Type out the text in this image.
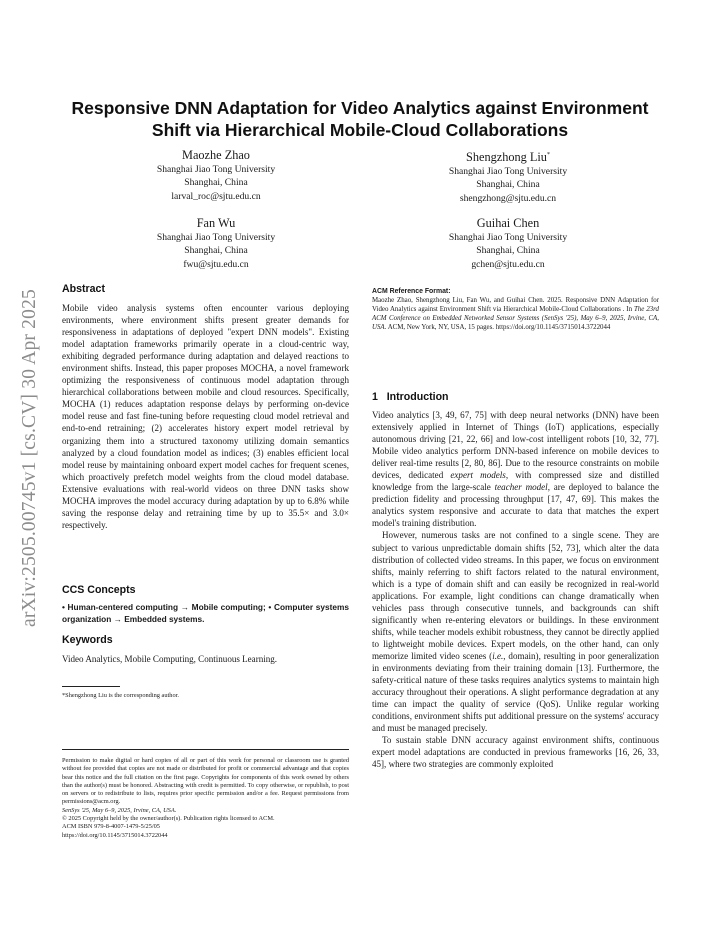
arXiv:2505.00745v1 [cs.CV] 30 Apr 2025
Responsive DNN Adaptation for Video Analytics against Environment Shift via Hierarchical Mobile-Cloud Collaborations
Maozhe Zhao
Shanghai Jiao Tong University
Shanghai, China
larval_roc@sjtu.edu.cn
Shengzhong Liu*
Shanghai Jiao Tong University
Shanghai, China
shengzhong@sjtu.edu.cn
Fan Wu
Shanghai Jiao Tong University
Shanghai, China
fwu@sjtu.edu.cn
Guihai Chen
Shanghai Jiao Tong University
Shanghai, China
gchen@sjtu.edu.cn
Abstract
Mobile video analysis systems often encounter various deploying environments, where environment shifts present greater demands for responsiveness in adaptations of deployed "expert DNN models". Existing model adaptation frameworks primarily operate in a cloud-centric way, exhibiting degraded performance during adaptation and delayed reactions to environment shifts. Instead, this paper proposes MOCHA, a novel framework optimizing the responsiveness of continuous model adaptation through hierarchical collaborations between mobile and cloud resources. Specifically, MOCHA (1) reduces adaptation response delays by performing on-device model reuse and fast fine-tuning before requesting cloud model retrieval and end-to-end retraining; (2) accelerates history expert model retrieval by organizing them into a structured taxonomy utilizing domain semantics analyzed by a cloud foundation model as indices; (3) enables efficient local model reuse by maintaining onboard expert model caches for frequent scenes, which proactively prefetch model weights from the cloud model database. Extensive evaluations with real-world videos on three DNN tasks show MOCHA improves the model accuracy during adaptation by up to 6.8% while saving the response delay and retraining time by up to 35.5× and 3.0× respectively.
CCS Concepts
• Human-centered computing → Mobile computing; • Computer systems organization → Embedded systems.
Keywords
Video Analytics, Mobile Computing, Continuous Learning.
*Shengzhong Liu is the corresponding author.
Permission to make digital or hard copies of all or part of this work for personal or classroom use is granted without fee provided that copies are not made or distributed for profit or commercial advantage and that copies bear this notice and the full citation on the first page. Copyrights for components of this work owned by others than the author(s) must be honored. Abstracting with credit is permitted. To copy otherwise, or republish, to post on servers or to redistribute to lists, requires prior specific permission and/or a fee. Request permissions from permissions@acm.org.
SenSys '25, May 6–9, 2025, Irvine, CA, USA.
© 2025 Copyright held by the owner/author(s). Publication rights licensed to ACM.
ACM ISBN 979-8-4007-1479-5/25/05
https://doi.org/10.1145/3715014.3722044
ACM Reference Format:
Maozhe Zhao, Shengzhong Liu, Fan Wu, and Guihai Chen. 2025. Responsive DNN Adaptation for Video Analytics against Environment Shift via Hierarchical Mobile-Cloud Collaborations . In The 23rd ACM Conference on Embedded Networked Sensor Systems (SenSys '25), May 6–9, 2025, Irvine, CA, USA. ACM, New York, NY, USA, 15 pages. https://doi.org/10.1145/3715014.3722044
1   Introduction
Video analytics [3, 49, 67, 75] with deep neural networks (DNN) have been extensively applied in Internet of Things (IoT) applications, especially autonomous driving [21, 22, 66] and low-cost intelligent robots [10, 32, 77]. Mobile video analytics perform DNN-based inference on mobile devices to deliver real-time results [2, 80, 86]. Due to the resource constraints on mobile devices, dedicated expert models, with compressed size and distilled knowledge from the large-scale teacher model, are deployed to balance the prediction fidelity and processing throughput [17, 47, 69]. This makes the analytics system responsive and accurate to data that matches the expert model's training distribution.
However, numerous tasks are not confined to a single scene. They are subject to various unpredictable domain shifts [52, 73], which alter the data distribution of collected video streams. In this paper, we focus on environment shifts, mainly referring to shift factors related to the natural environment, which is a type of domain shift and can easily be recognized in real-world applications. For example, light conditions can change dramatically when vehicles pass through consecutive tunnels, and backgrounds can shift significantly when re-entering elevators or buildings. In these environment shifts, while teacher models exhibit robustness, they cannot be directly applied to lightweight mobile devices. Expert models, on the other hand, can only memorize limited video scenes (i.e., domain), resulting in poor generalization in environments deviating from their training domain [13]. Furthermore, the safety-critical nature of these tasks requires analytics systems to maintain high accuracy throughout their operations. A slight performance degradation at any time can impact the quality of service (QoS). Unlike regular working conditions, environment shifts put additional pressure on the systems' accuracy and must be managed precisely.
To sustain stable DNN accuracy against environment shifts, continuous expert model adaptations are conducted in previous frameworks [16, 26, 33, 45], where two strategies are commonly exploited
